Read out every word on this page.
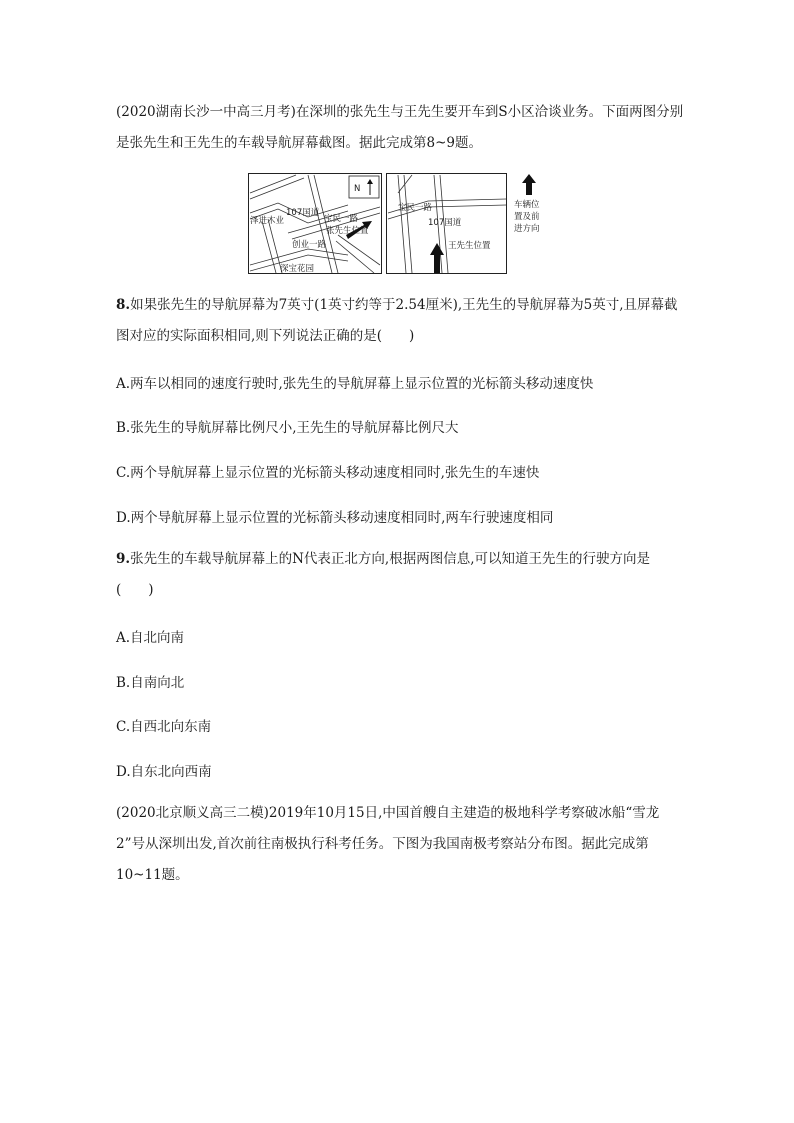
(2020湖南长沙一中高三月考)在深圳的张先生与王先生要开车到S小区洽谈业务。下面两图分别是张先生和王先生的车载导航屏幕截图。据此完成第8~9题。

N
107国道
泽进木业	宝民一路
张先生位置
创业一路
深宝花园
宝民一路
107国道
王先生位置
车辆位
置及前
进方向

8.如果张先生的导航屏幕为7英寸(1英寸约等于2.54厘米),王先生的导航屏幕为5英寸,且屏幕截图对应的实际面积相同,则下列说法正确的是(　　)

A.两车以相同的速度行驶时,张先生的导航屏幕上显示位置的光标箭头移动速度快

B.张先生的导航屏幕比例尺小,王先生的导航屏幕比例尺大

C.两个导航屏幕上显示位置的光标箭头移动速度相同时,张先生的车速快

D.两个导航屏幕上显示位置的光标箭头移动速度相同时,两车行驶速度相同

9.张先生的车载导航屏幕上的N代表正北方向,根据两图信息,可以知道王先生的行驶方向是(　　)

A.自北向南

B.自南向北

C.自西北向东南

D.自东北向西南

(2020北京顺义高三二模)2019年10月15日,中国首艘自主建造的极地科学考察破冰船“雪龙2”号从深圳出发,首次前往南极执行科考任务。下图为我国南极考察站分布图。据此完成第10~11题。
